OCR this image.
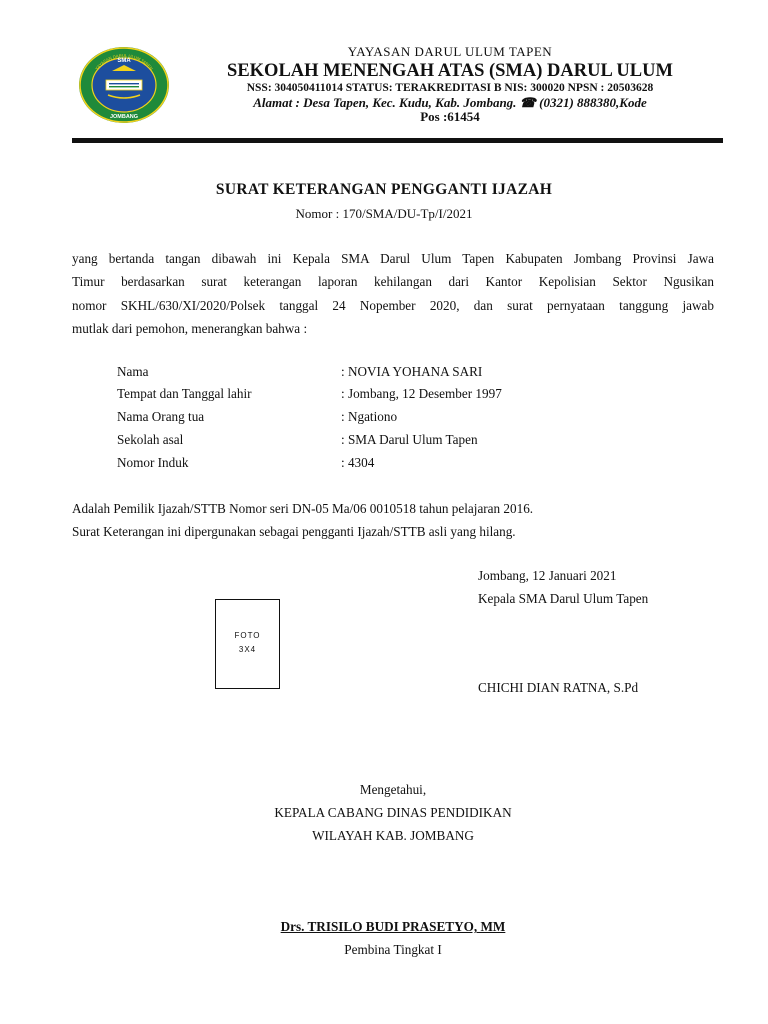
SMA
YAYASAN DARUL ULUM TAPEN
JOMBANG
YAYASAN DARUL ULUM TAPEN
SEKOLAH MENENGAH ATAS (SMA) DARUL ULUM
NSS: 304050411014 STATUS: TERAKREDITASI B NIS: 300020 NPSN : 20503628
Alamat : Desa Tapen, Kec. Kudu, Kab. Jombang. ☎ (0321) 888380,Kode
Pos :61454
SURAT KETERANGAN PENGGANTI IJAZAH
Nomor : 170/SMA/DU-Tp/I/2021
yang bertanda tangan dibawah ini Kepala SMA Darul Ulum Tapen Kabupaten Jombang Provinsi Jawa
Timur berdasarkan surat keterangan laporan kehilangan dari Kantor Kepolisian Sektor Ngusikan
nomor SKHL/630/XI/2020/Polsek tanggal 24 Nopember 2020, dan surat pernyataan tanggung jawab
mutlak dari pemohon, menerangkan bahwa :
Nama	: NOVIA YOHANA SARI
Tempat dan Tanggal lahir	: Jombang, 12 Desember 1997
Nama Orang tua	: Ngationo
Sekolah asal	: SMA Darul Ulum Tapen
Nomor Induk	: 4304
Adalah Pemilik Ijazah/STTB Nomor seri DN-05 Ma/06 0010518 tahun pelajaran 2016.
Surat Keterangan ini dipergunakan sebagai pengganti Ijazah/STTB asli yang hilang.
Jombang, 12 Januari 2021
Kepala SMA Darul Ulum Tapen
CHICHI DIAN RATNA, S.Pd
FOTO
3X4
Mengetahui,
KEPALA CABANG DINAS PENDIDIKAN
WILAYAH KAB. JOMBANG
Drs. TRISILO BUDI PRASETYO, MM
Pembina Tingkat I
